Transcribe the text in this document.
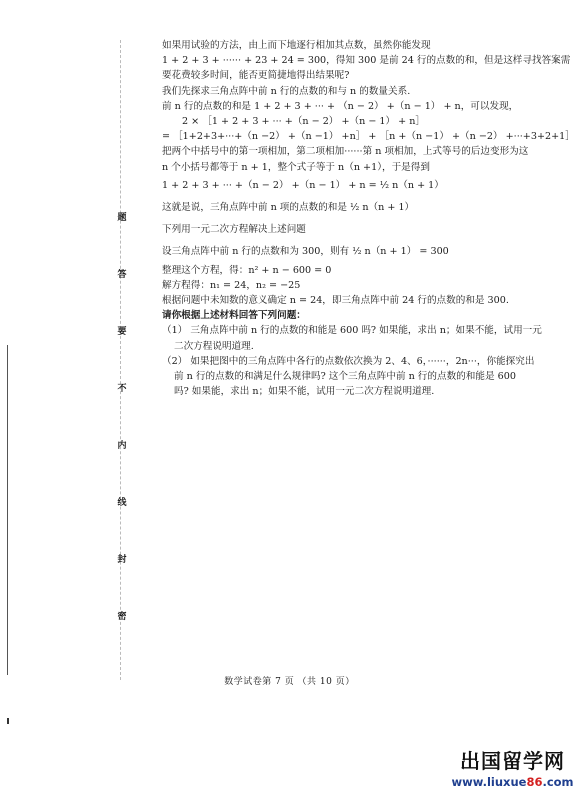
题
答
要
不
内
线
封
密
如果用试验的方法，由上而下地逐行相加其点数，虽然你能发现
1 + 2 + 3 + ······ + 23 + 24 = 300，得知 300 是前 24 行的点数的和，但是这样寻找答案需
要花费较多时间，能否更简捷地得出结果呢?
我们先探求三角点阵中前 n 行的点数的和与 n 的数量关系.
前 n 行的点数的和是 1 + 2 + 3 + ··· + （n − 2） +（n − 1） + n，可以发现，
2 × ［1 + 2 + 3 + ··· +（n − 2） +（n − 1） + n］
= ［1+2+3+···+（n −2） +（n −1） +n］ + ［n +（n −1） +（n −2） +···+3+2+1］
把两个中括号中的第一项相加，第二项相加······第 n 项相加，上式等号的后边变形为这
n 个小括号都等于 n + 1，整个式子等于 n（n +1），于是得到
1 + 2 + 3 + ··· +（n − 2） +（n − 1） + n = ½ n（n + 1）
这就是说，三角点阵中前 n 项的点数的和是 ½ n（n + 1）
下列用一元二次方程解决上述问题
设三角点阵中前 n 行的点数和为 300，则有 ½ n（n + 1） = 300
整理这个方程，得：n² + n − 600 = 0
解方程得：n₁ = 24，n₂ = −25
根据问题中未知数的意义确定 n = 24，即三角点阵中前 24 行的点数的和是 300.
请你根据上述材料回答下列问题：
（1） 三角点阵中前 n 行的点数的和能是 600 吗? 如果能，求出 n；如果不能，试用一元
二次方程说明道理.
（2） 如果把图中的三角点阵中各行的点数依次换为 2、4、6，······，2n···，你能探究出
前 n 行的点数的和满足什么规律吗? 这个三角点阵中前 n 行的点数的和能是 600
吗? 如果能，求出 n；如果不能，试用一元二次方程说明道理.
数学试卷第 7 页 （共 10 页）
出国留学网
www.liuxue86.com
